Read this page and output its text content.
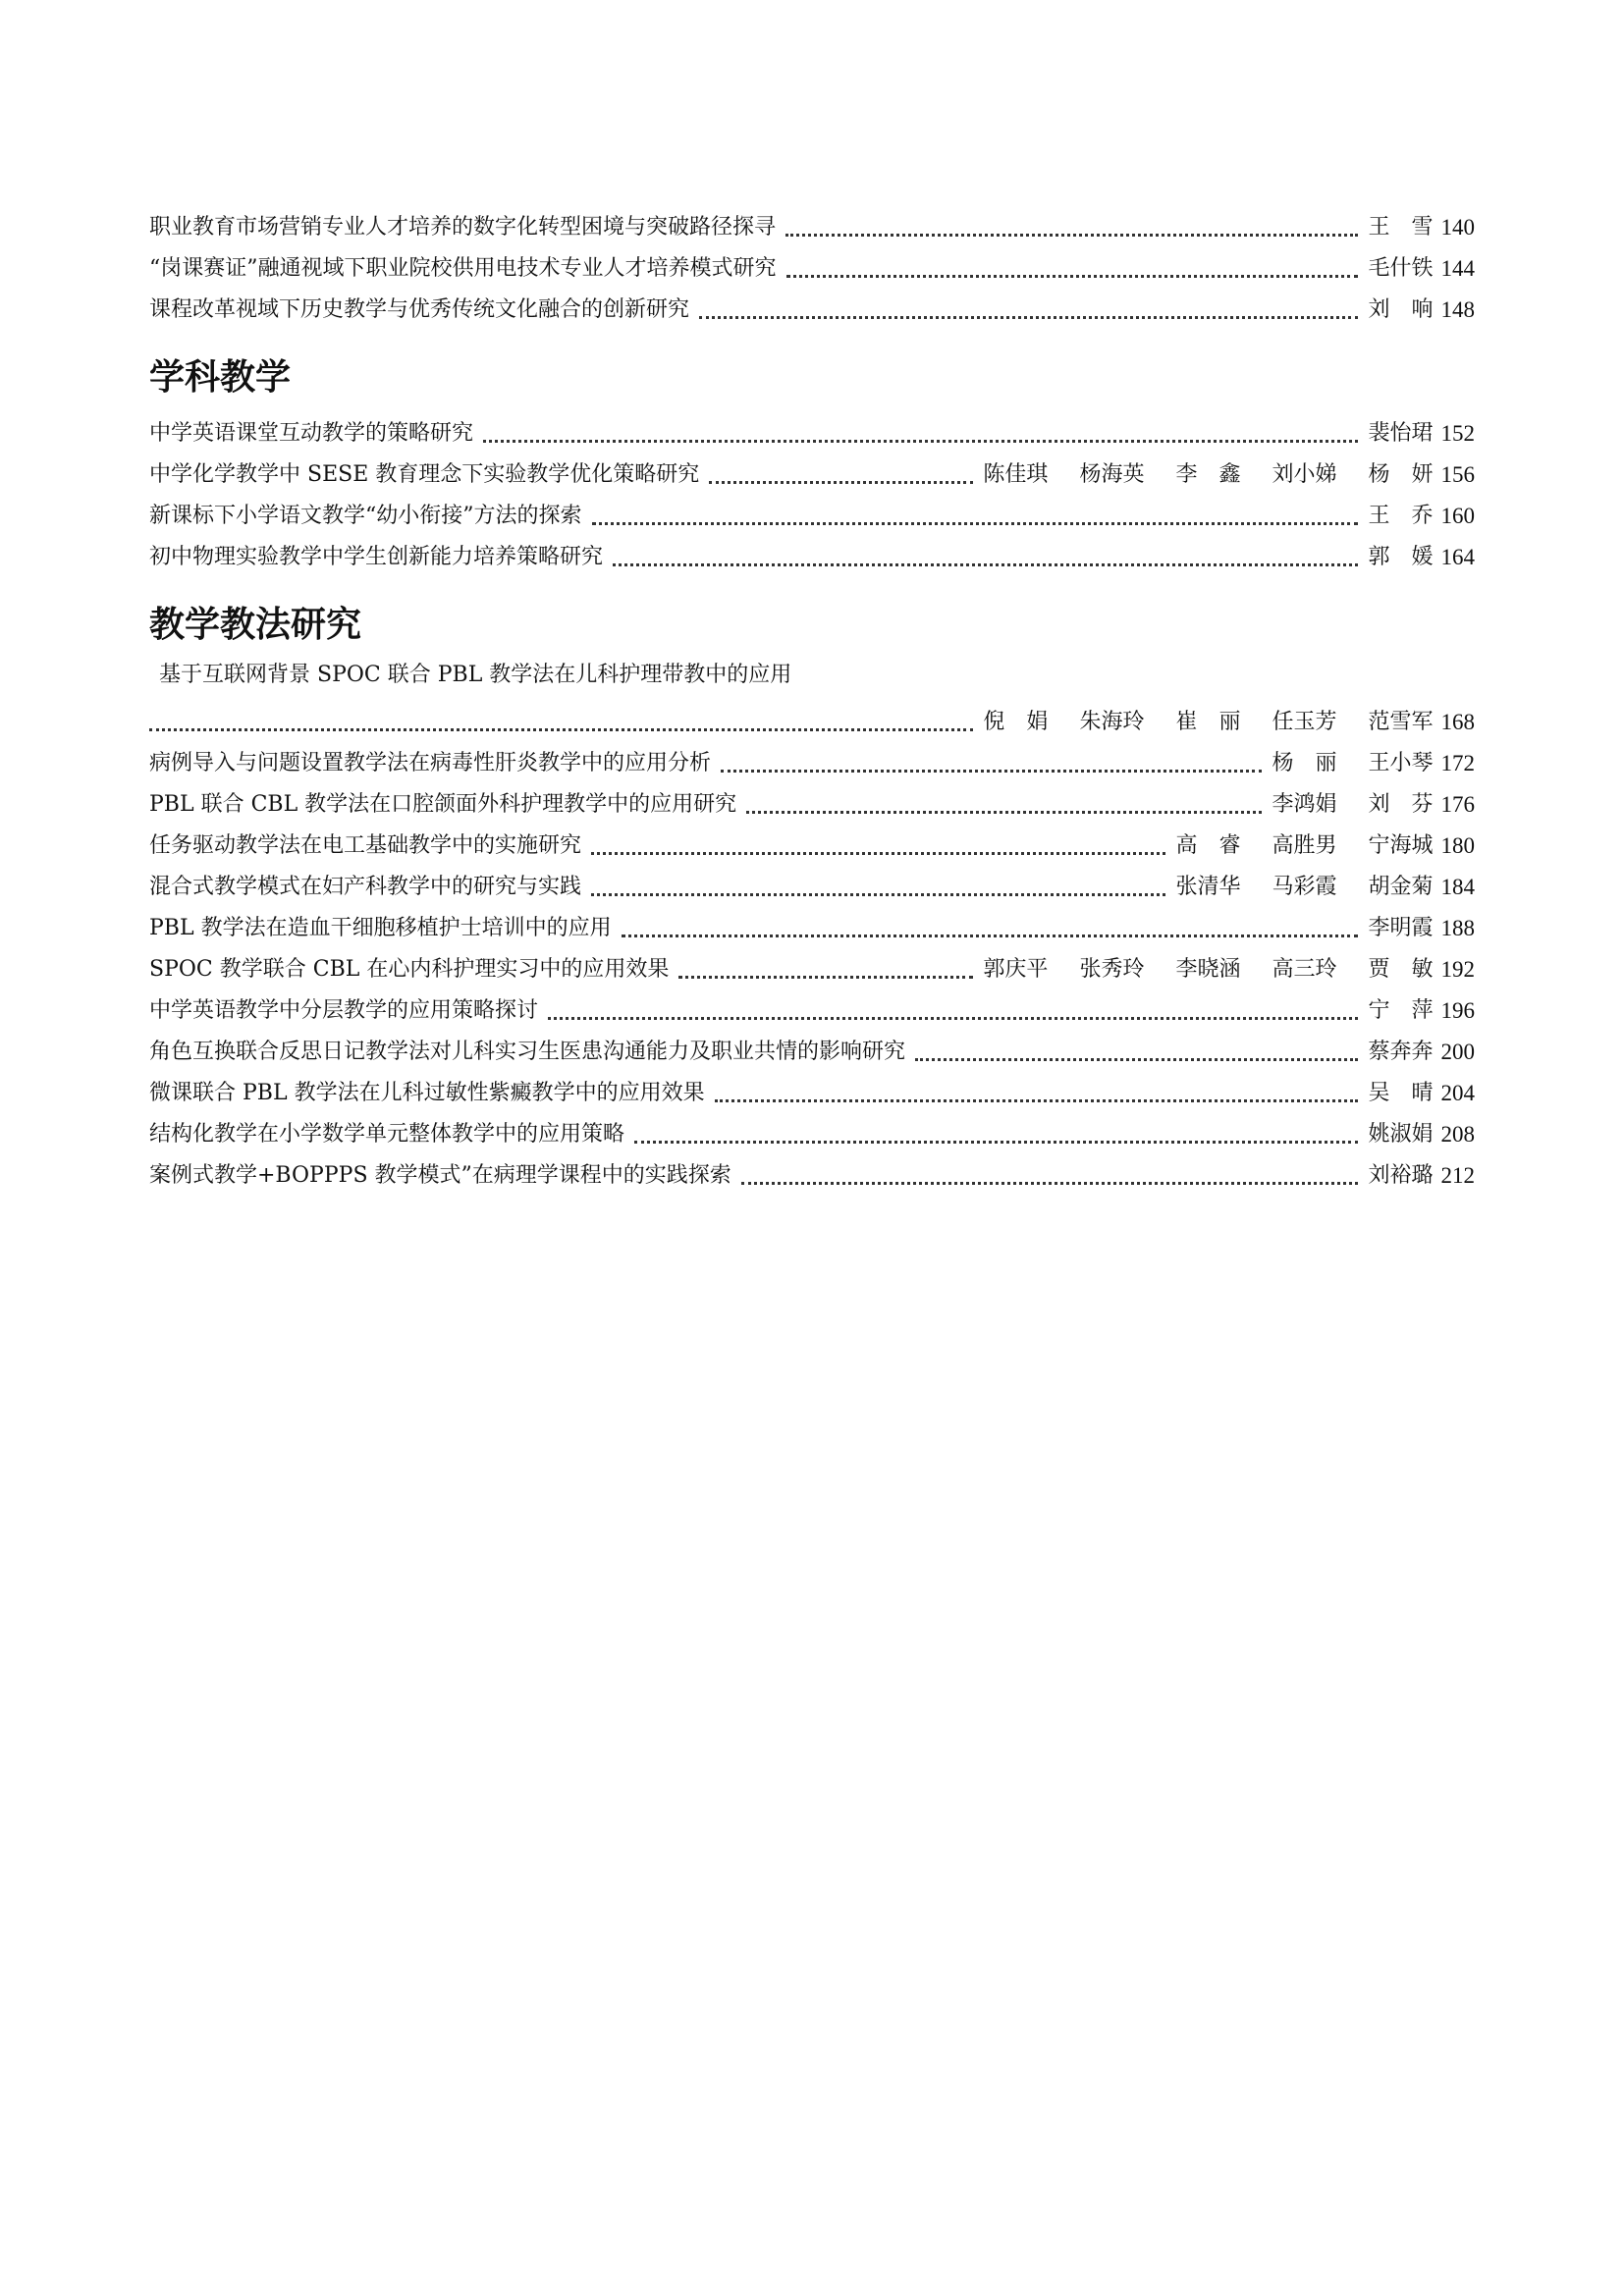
职业教育市场营销专业人才培养的数字化转型困境与突破路径探寻	王　雪 140
“岗课赛证”融通视域下职业院校供用电技术专业人才培养模式研究	毛什铁 144
课程改革视域下历史教学与优秀传统文化融合的创新研究	刘　响 148
学科教学
中学英语课堂互动教学的策略研究	裴怡珺 152
中学化学教学中 SESE 教育理念下实验教学优化策略研究	陈佳琪 杨海英 李　鑫 刘小娣 杨　妍 156
新课标下小学语文教学“幼小衔接”方法的探索	王　乔 160
初中物理实验教学中学生创新能力培养策略研究	郭　媛 164
教学教法研究
基于互联网背景 SPOC 联合 PBL 教学法在儿科护理带教中的应用
倪　娟 朱海玲 崔　丽 任玉芳 范雪军 168
病例导入与问题设置教学法在病毒性肝炎教学中的应用分析	杨　丽 王小琴 172
PBL 联合 CBL 教学法在口腔颌面外科护理教学中的应用研究	李鸿娟 刘　芬 176
任务驱动教学法在电工基础教学中的实施研究	高　睿 高胜男 宁海城 180
混合式教学模式在妇产科教学中的研究与实践	张清华 马彩霞 胡金菊 184
PBL 教学法在造血干细胞移植护士培训中的应用	李明霞 188
SPOC 教学联合 CBL 在心内科护理实习中的应用效果	郭庆平 张秀玲 李晓涵 高三玲 贾　敏 192
中学英语教学中分层教学的应用策略探讨	宁　萍 196
角色互换联合反思日记教学法对儿科实习生医患沟通能力及职业共情的影响研究	蔡奔奔 200
微课联合 PBL 教学法在儿科过敏性紫癜教学中的应用效果	吴　晴 204
结构化教学在小学数学单元整体教学中的应用策略	姚淑娟 208
案例式教学+BOPPPS 教学模式”在病理学课程中的实践探索	刘裕璐 212
